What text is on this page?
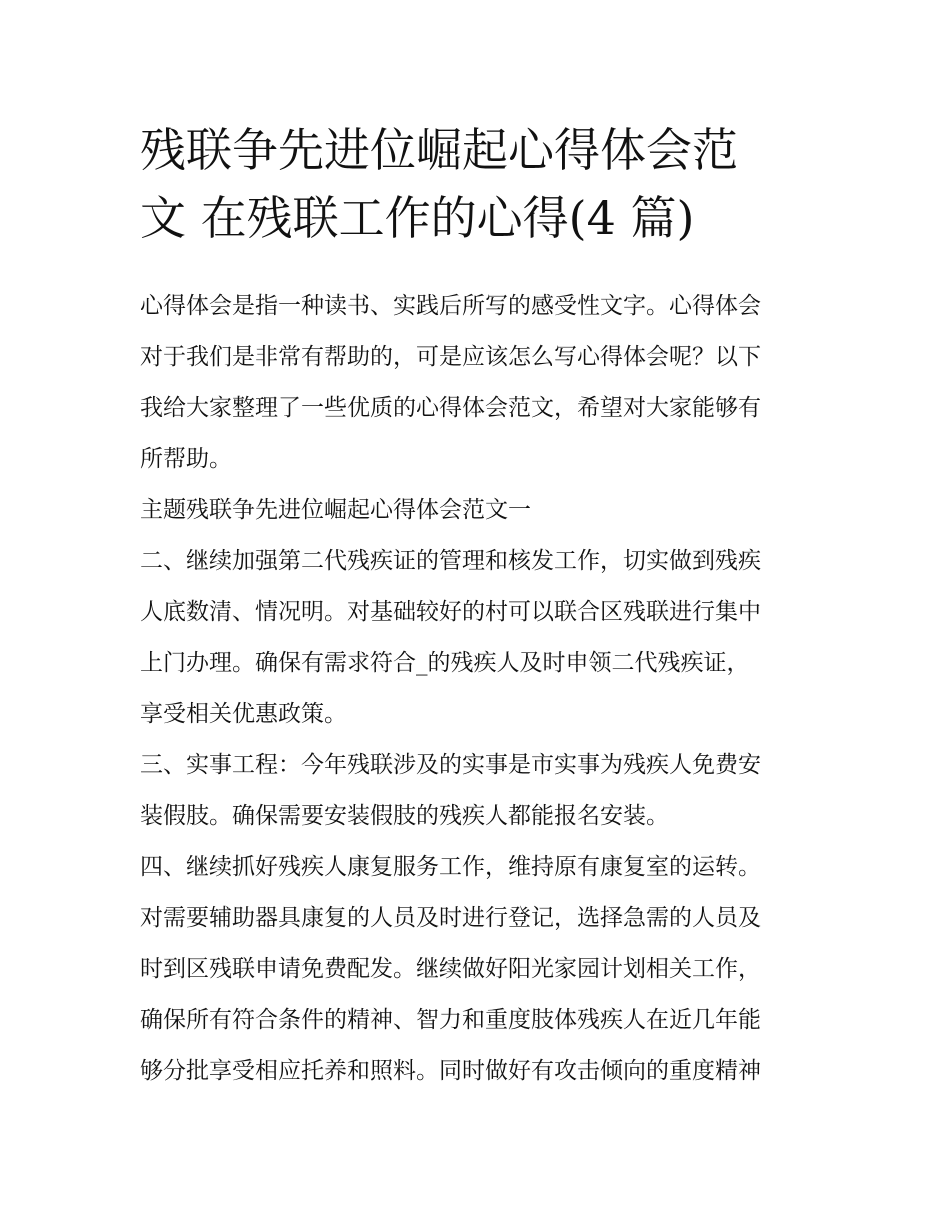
残联争先进位崛起心得体会范
文 在残联工作的心得(4 篇)
心得体会是指一种读书、实践后所写的感受性文字。心得体会
对于我们是非常有帮助的，可是应该怎么写心得体会呢？以下
我给大家整理了一些优质的心得体会范文，希望对大家能够有
所帮助。
主题残联争先进位崛起心得体会范文一
二、继续加强第二代残疾证的管理和核发工作，切实做到残疾
人底数清、情况明。对基础较好的村可以联合区残联进行集中
上门办理。确保有需求符合_的残疾人及时申领二代残疾证，
享受相关优惠政策。
三、实事工程：今年残联涉及的实事是市实事为残疾人免费安
装假肢。确保需要安装假肢的残疾人都能报名安装。
四、继续抓好残疾人康复服务工作，维持原有康复室的运转。
对需要辅助器具康复的人员及时进行登记，选择急需的人员及
时到区残联申请免费配发。继续做好阳光家园计划相关工作，
确保所有符合条件的精神、智力和重度肢体残疾人在近几年能
够分批享受相应托养和照料。同时做好有攻击倾向的重度精神
